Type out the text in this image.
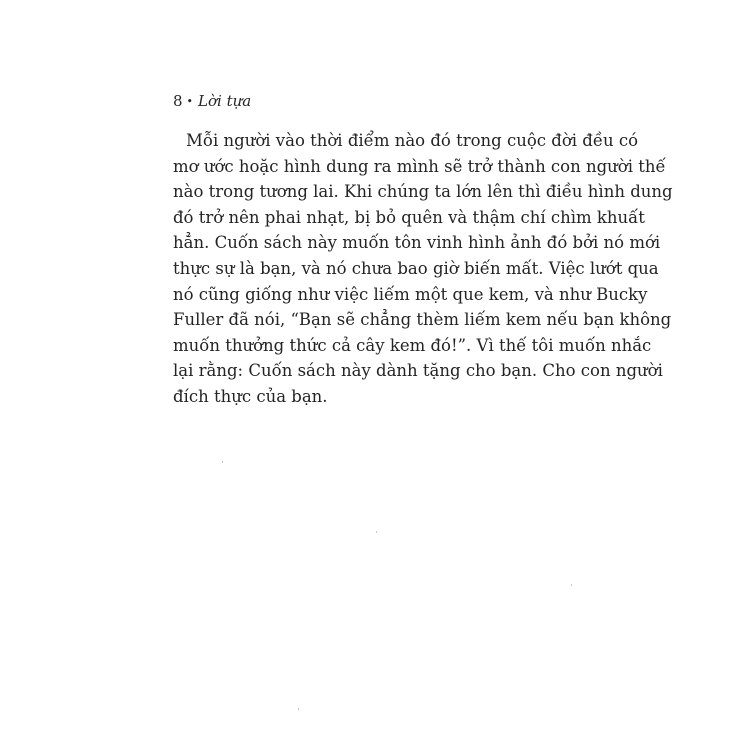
8 • Lời tựa
Mỗi người vào thời điểm nào đó trong cuộc đời đều có
mơ ước hoặc hình dung ra mình sẽ trở thành con người thế
nào trong tương lai. Khi chúng ta lớn lên thì điều hình dung
đó trở nên phai nhạt, bị bỏ quên và thậm chí chìm khuất
hẳn. Cuốn sách này muốn tôn vinh hình ảnh đó bởi nó mới
thực sự là bạn, và nó chưa bao giờ biến mất. Việc lướt qua
nó cũng giống như việc liếm một que kem, và như Bucky
Fuller đã nói, “Bạn sẽ chẳng thèm liếm kem nếu bạn không
muốn thưởng thức cả cây kem đó!”. Vì thế tôi muốn nhắc
lại rằng: Cuốn sách này dành tặng cho bạn. Cho con người
đích thực của bạn.
